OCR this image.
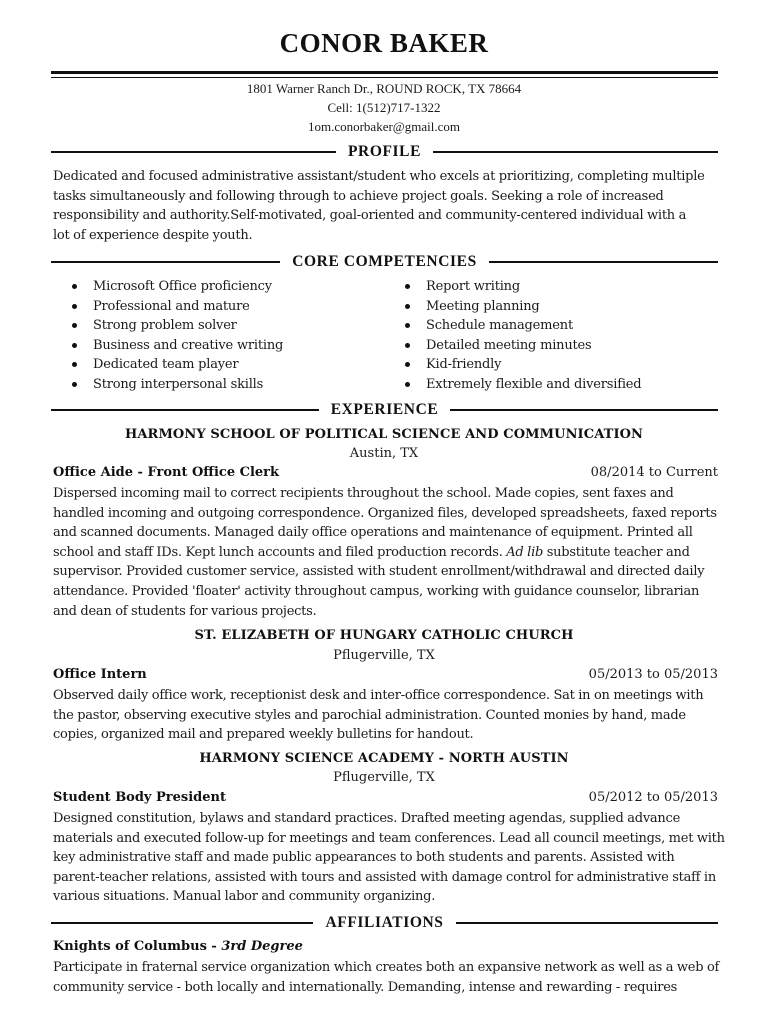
CONOR BAKER
1801 Warner Ranch Dr., ROUND ROCK, TX 78664
Cell: 1(512)717-1322
1om.conorbaker@gmail.com
PROFILE
Dedicated and focused administrative assistant/student who excels at prioritizing, completing multiple
tasks simultaneously and following through to achieve project goals. Seeking a role of increased
responsibility and authority.Self-motivated, goal-oriented and community-centered individual with a
lot of experience despite youth.
CORE COMPETENCIES
Microsoft Office proficiency
Professional and mature
Strong problem solver
Business and creative writing
Dedicated team player
Strong interpersonal skills
Report writing
Meeting planning
Schedule management
Detailed meeting minutes
Kid-friendly
Extremely flexible and diversified
EXPERIENCE
HARMONY SCHOOL OF POLITICAL SCIENCE AND COMMUNICATION
Austin, TX
Office Aide - Front Office Clerk	08/2014 to Current
Dispersed incoming mail to correct recipients throughout the school. Made copies, sent faxes and
handled incoming and outgoing correspondence. Organized files, developed spreadsheets, faxed reports
and scanned documents. Managed daily office operations and maintenance of equipment. Printed all
school and staff IDs. Kept lunch accounts and filed production records. Ad lib substitute teacher and
supervisor. Provided customer service, assisted with student enrollment/withdrawal and directed daily
attendance. Provided 'floater' activity throughout campus, working with guidance counselor, librarian
and dean of students for various projects.
ST. ELIZABETH OF HUNGARY CATHOLIC CHURCH
Pflugerville, TX
Office Intern	05/2013 to 05/2013
Observed daily office work, receptionist desk and inter-office correspondence. Sat in on meetings with
the pastor, observing executive styles and parochial administration. Counted monies by hand, made
copies, organized mail and prepared weekly bulletins for handout.
HARMONY SCIENCE ACADEMY - NORTH AUSTIN
Pflugerville, TX
Student Body President	05/2012 to 05/2013
Designed constitution, bylaws and standard practices. Drafted meeting agendas, supplied advance
materials and executed follow-up for meetings and team conferences. Lead all council meetings, met with
key administrative staff and made public appearances to both students and parents. Assisted with
parent-teacher relations, assisted with tours and assisted with damage control for administrative staff in
various situations. Manual labor and community organizing.
AFFILIATIONS
Knights of Columbus - 3rd Degree
Participate in fraternal service organization which creates both an expansive network as well as a web of
community service - both locally and internationally. Demanding, intense and rewarding - requires
